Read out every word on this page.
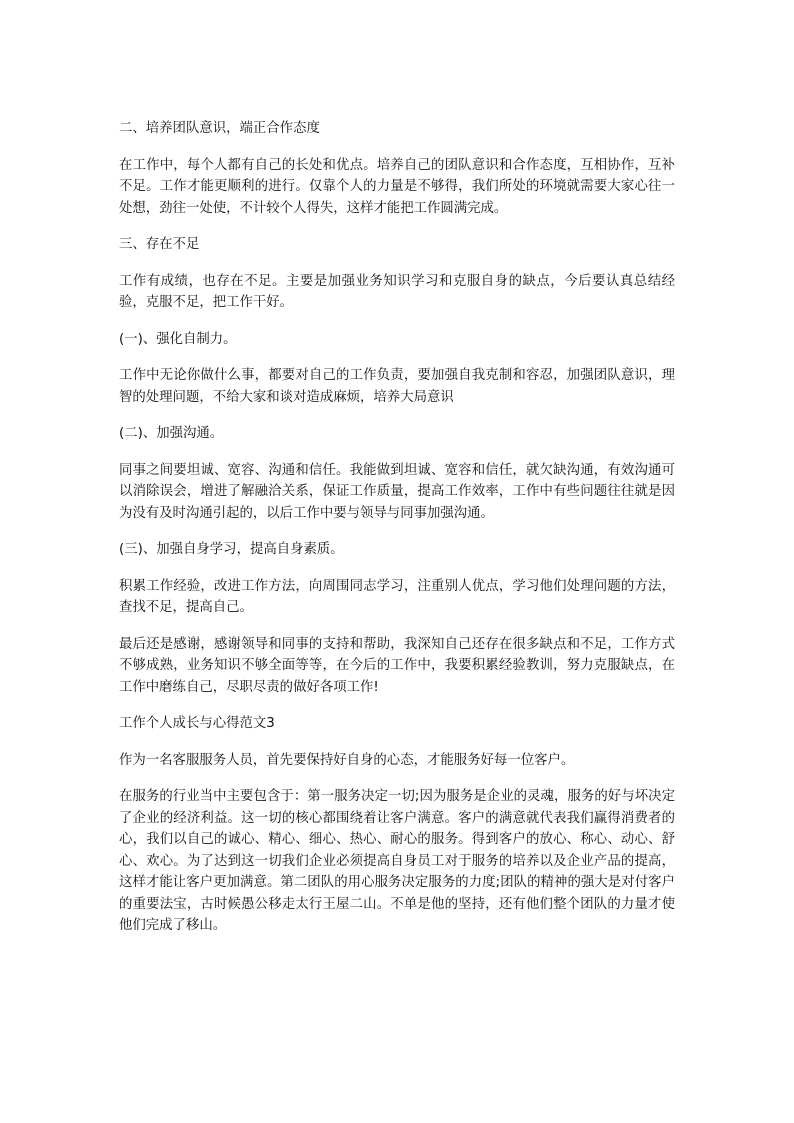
二、培养团队意识，端正合作态度
在工作中，每个人都有自己的长处和优点。培养自己的团队意识和合作态度，互相协作，互补不足。工作才能更顺利的进行。仅靠个人的力量是不够得，我们所处的环境就需要大家心往一处想，劲往一处使，不计较个人得失，这样才能把工作圆满完成。
三、存在不足
工作有成绩，也存在不足。主要是加强业务知识学习和克服自身的缺点，今后要认真总结经验，克服不足，把工作干好。
(一)、强化自制力。
工作中无论你做什么事，都要对自己的工作负责，要加强自我克制和容忍，加强团队意识，理智的处理问题，不给大家和谈对造成麻烦，培养大局意识
(二)、加强沟通。
同事之间要坦诚、宽容、沟通和信任。我能做到坦诚、宽容和信任，就欠缺沟通，有效沟通可以消除误会，增进了解融洽关系，保证工作质量，提高工作效率，工作中有些问题往往就是因为没有及时沟通引起的，以后工作中要与领导与同事加强沟通。
(三)、加强自身学习，提高自身素质。
积累工作经验，改进工作方法，向周围同志学习，注重别人优点，学习他们处理问题的方法，查找不足，提高自己。
最后还是感谢，感谢领导和同事的支持和帮助，我深知自己还存在很多缺点和不足，工作方式不够成熟，业务知识不够全面等等，在今后的工作中，我要积累经验教训，努力克服缺点，在工作中磨练自己，尽职尽责的做好各项工作!
工作个人成长与心得范文3
作为一名客服服务人员，首先要保持好自身的心态，才能服务好每一位客户。
在服务的行业当中主要包含于：第一服务决定一切;因为服务是企业的灵魂，服务的好与坏决定了企业的经济利益。这一切的核心都围绕着让客户满意。客户的满意就代表我们赢得消费者的心，我们以自己的诚心、精心、细心、热心、耐心的服务。得到客户的放心、称心、动心、舒心、欢心。为了达到这一切我们企业必须提高自身员工对于服务的培养以及企业产品的提高，这样才能让客户更加满意。第二团队的用心服务决定服务的力度;团队的精神的强大是对付客户的重要法宝，古时候愚公移走太行王屋二山。不单是他的坚持，还有他们整个团队的力量才使他们完成了移山。
